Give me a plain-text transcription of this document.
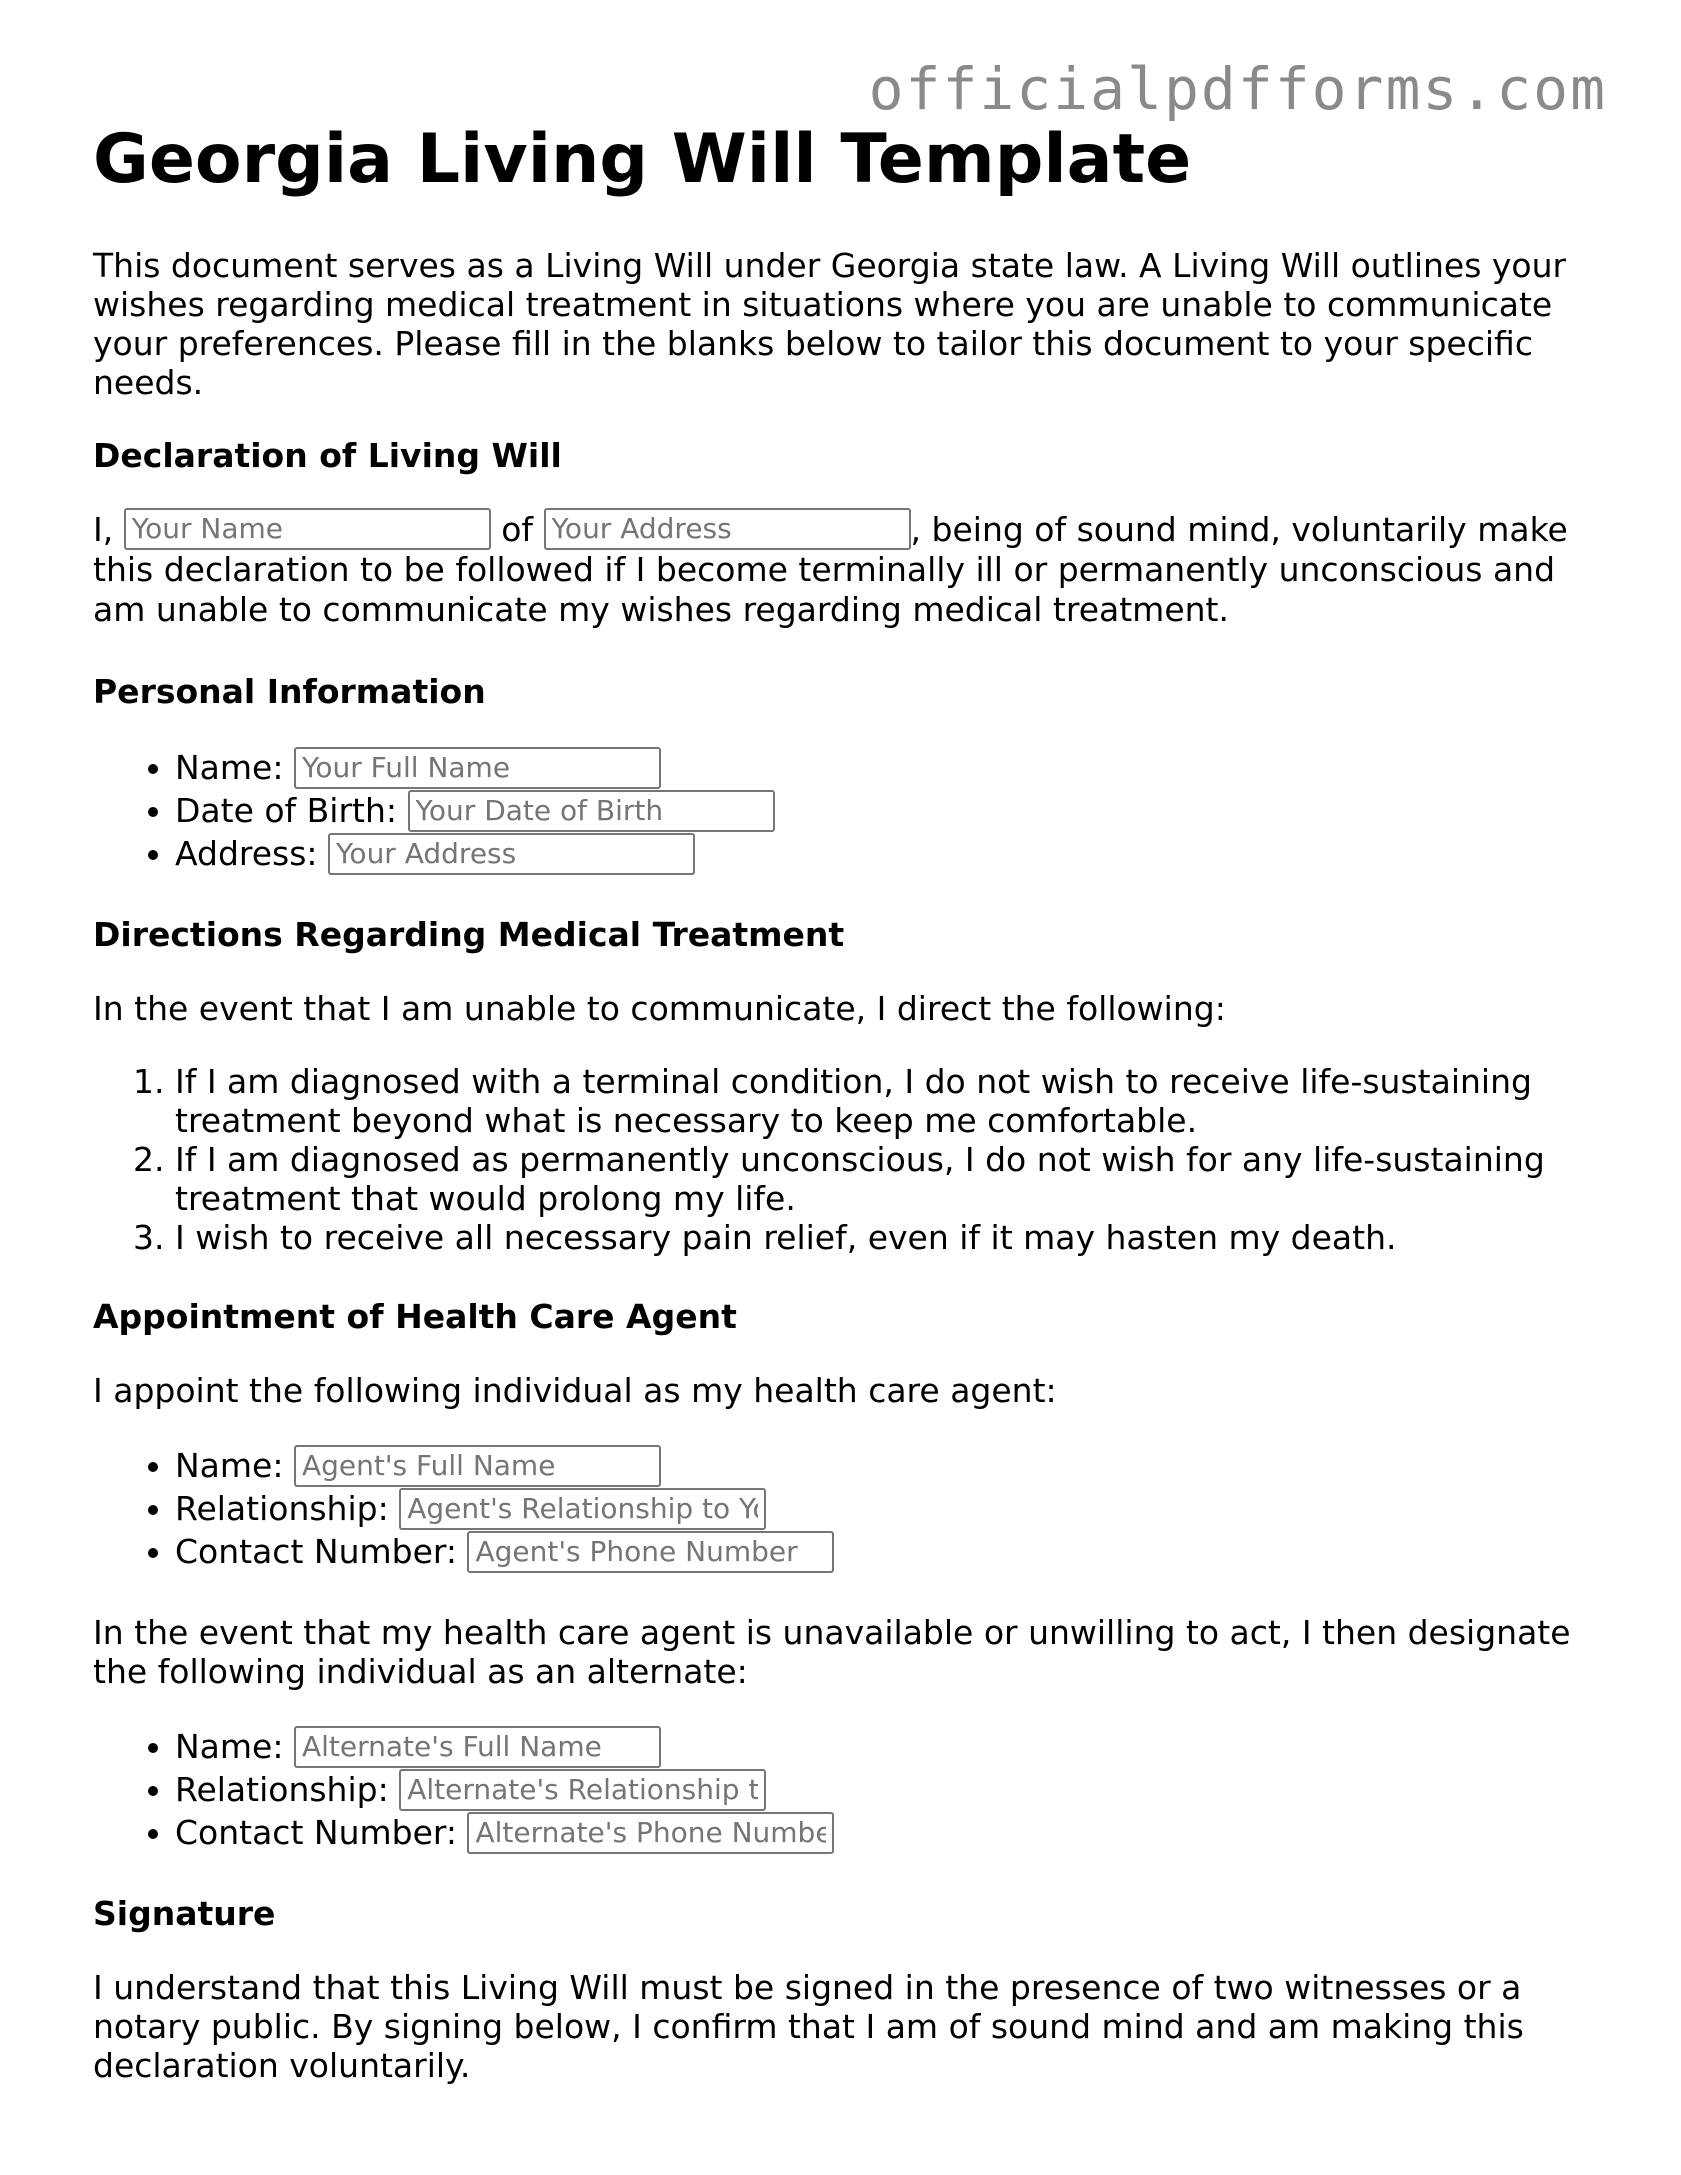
officialpdfforms.com
Georgia Living Will Template

This document serves as a Living Will under Georgia state law. A Living Will outlines your wishes regarding medical treatment in situations where you are unable to communicate your preferences. Please fill in the blanks below to tailor this document to your specific needs.

Declaration of Living Will

I, Your Name	of Your Address	, being of sound mind, voluntarily make this declaration to be followed if I become terminally ill or permanently unconscious and am unable to communicate my wishes regarding medical treatment.

Personal Information
• Name: Your Full Name
• Date of Birth: Your Date of Birth
• Address: Your Address
Directions Regarding Medical Treatment

In the event that I am unable to communicate, I direct the following:

1. If I am diagnosed with a terminal condition, I do not wish to receive life-sustaining treatment beyond what is necessary to keep me comfortable.
2. If I am diagnosed as permanently unconscious, I do not wish for any life-sustaining treatment that would prolong my life.
3. I wish to receive all necessary pain relief, even if it may hasten my death.
Appointment of Health Care Agent

I appoint the following individual as my health care agent:

• Name: Agent's Full Name
• Relationship: Agent's Relationship to You
• Contact Number: Agent's Phone Number

In the event that my health care agent is unavailable or unwilling to act, I then designate the following individual as an alternate:

• Name: Alternate's Full Name
• Relationship: Alternate's Relationship to You
• Contact Number: Alternate's Phone Number
Signature

I understand that this Living Will must be signed in the presence of two witnesses or a notary public. By signing below, I confirm that I am of sound mind and am making this declaration voluntarily.
